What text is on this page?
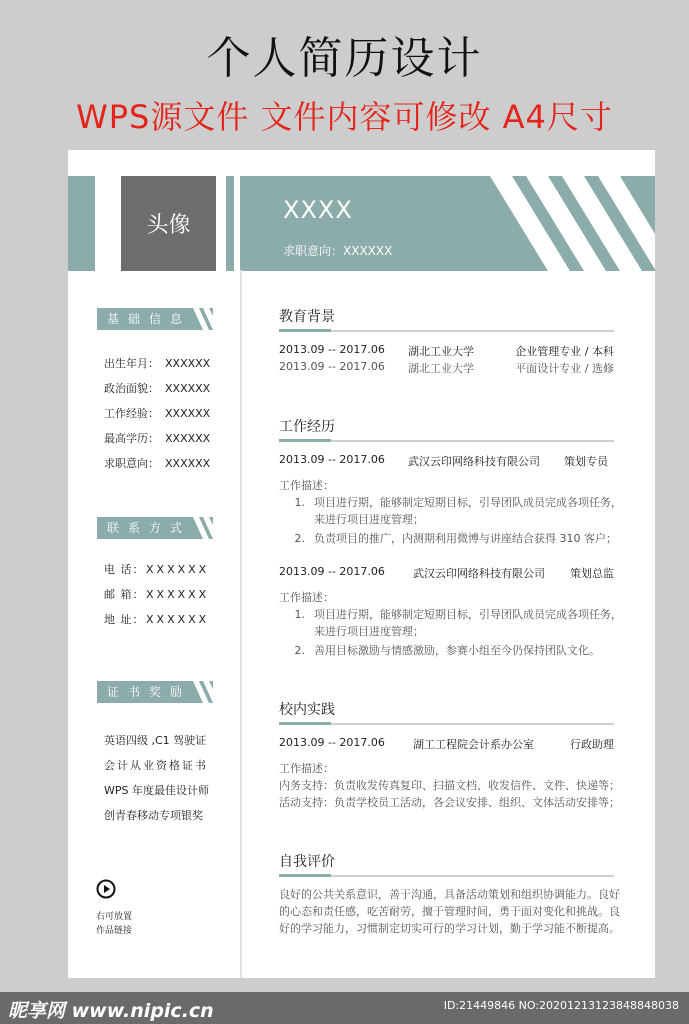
个人简历设计
WPS源文件 文件内容可修改 A4尺寸
头像
XXXX
求职意向：XXXXXX
基础信息
出生年月： XXXXXX
政治面貌： XXXXXX
工作经验： XXXXXX
最高学历： XXXXXX
求职意向： XXXXXX
联系方式
电 话： XXXXXX
邮 箱： XXXXXX
地 址： XXXXXX
证书奖励
英语四级 ,C1 驾驶证
会计从业资格证书
WPS 年度最佳设计师
创青春移动专项银奖
右可放置
作品链接
教育背景
2013.09 -- 2017.06 湖北工业大学	企业管理专业 / 本科
2013.09 -- 2017.06 湖北工业大学	平面设计专业 / 选修
工作经历
2013.09 -- 2017.06 武汉云印网络科技有限公司 策划专员
工作描述：
1. 项目进行期，能够制定短期目标，引导团队成员完成各项任务，
来进行项目进度管理；
2. 负责项目的推广，内测期利用微博与讲座结合获得 310 客户；
2013.09 -- 2017.06	武汉云印网络科技有限公司 策划总监
工作描述：
1. 项目进行期，能够制定短期目标，引导团队成员完成各项任务，
来进行项目进度管理；
2. 善用目标激励与情感激励，参赛小组至今仍保持团队文化。
校内实践
2013.09 -- 2017.06	湖工工程院会计系办公室	行政助理
工作描述：
内务支持：负责收发传真复印、扫描文档、收发信件、文件、快递等；
活动支持：负责学校员工活动，各会议安排、组织、文体活动安排等；
自我评价
良好的公共关系意识，善于沟通，具备活动策划和组织协调能力。良好
的心态和责任感，吃苦耐劳，擅于管理时间，勇于面对变化和挑战。良
好的学习能力，习惯制定切实可行的学习计划，勤于学习能不断提高。
昵享网 www.nipic.cn	ID:21449846 NO:20201213123848848038
